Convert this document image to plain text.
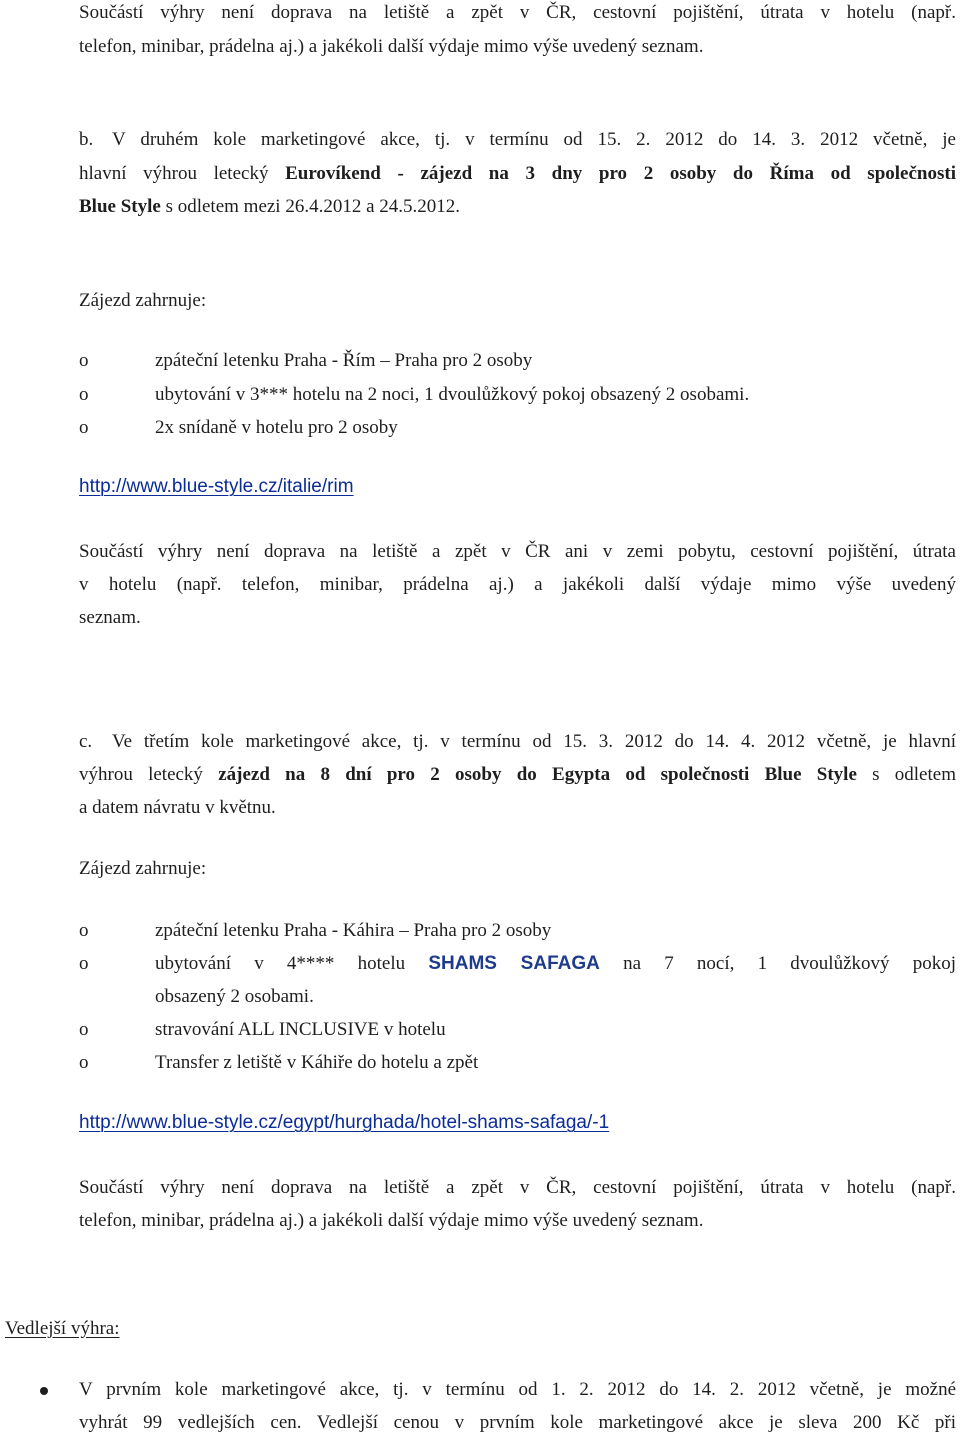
Součástí výhry není doprava na letiště a zpět v ČR, cestovní pojištění, útrata v hotelu (např.
telefon, minibar, prádelna aj.) a jakékoli další výdaje mimo výše uvedený seznam.
b. V druhém kole marketingové akce, tj. v termínu od 15. 2. 2012 do 14. 3. 2012 včetně, je
hlavní výhrou letecký Eurovíkend - zájezd na 3 dny pro 2 osoby do Říma od společnosti
Blue Style s odletem mezi 26.4.2012 a 24.5.2012.
Zájezd zahrnuje:
o	zpáteční letenku Praha - Řím – Praha pro 2 osoby
o	ubytování v 3*** hotelu na 2 noci, 1 dvoulůžkový pokoj obsazený 2 osobami.
o	2x snídaně v hotelu pro 2 osoby
http://www.blue-style.cz/italie/rim
Součástí výhry není doprava na letiště a zpět v ČR ani v zemi pobytu, cestovní pojištění, útrata
v hotelu (např. telefon, minibar, prádelna aj.) a jakékoli další výdaje mimo výše uvedený
seznam.
c. Ve třetím kole marketingové akce, tj. v termínu od 15. 3. 2012 do 14. 4. 2012 včetně, je hlavní
výhrou letecký zájezd na 8 dní pro 2 osoby do Egypta od společnosti Blue Style s odletem
a datem návratu v květnu.
Zájezd zahrnuje:
o	zpáteční letenku Praha - Káhira – Praha pro 2 osoby
o	ubytování v 4**** hotelu SHAMS SAFAGA na 7 nocí, 1 dvoulůžkový pokoj
obsazený 2 osobami.
o	stravování ALL INCLUSIVE v hotelu
o	Transfer z letiště v Káhiře do hotelu a zpět
http://www.blue-style.cz/egypt/hurghada/hotel-shams-safaga/-1
Součástí výhry není doprava na letiště a zpět v ČR, cestovní pojištění, útrata v hotelu (např.
telefon, minibar, prádelna aj.) a jakékoli další výdaje mimo výše uvedený seznam.
Vedlejší výhra:
V prvním kole marketingové akce, tj. v termínu od 1. 2. 2012 do 14. 2. 2012 včetně, je možné
vyhrát 99 vedlejších cen. Vedlejší cenou v prvním kole marketingové akce je sleva 200 Kč při
